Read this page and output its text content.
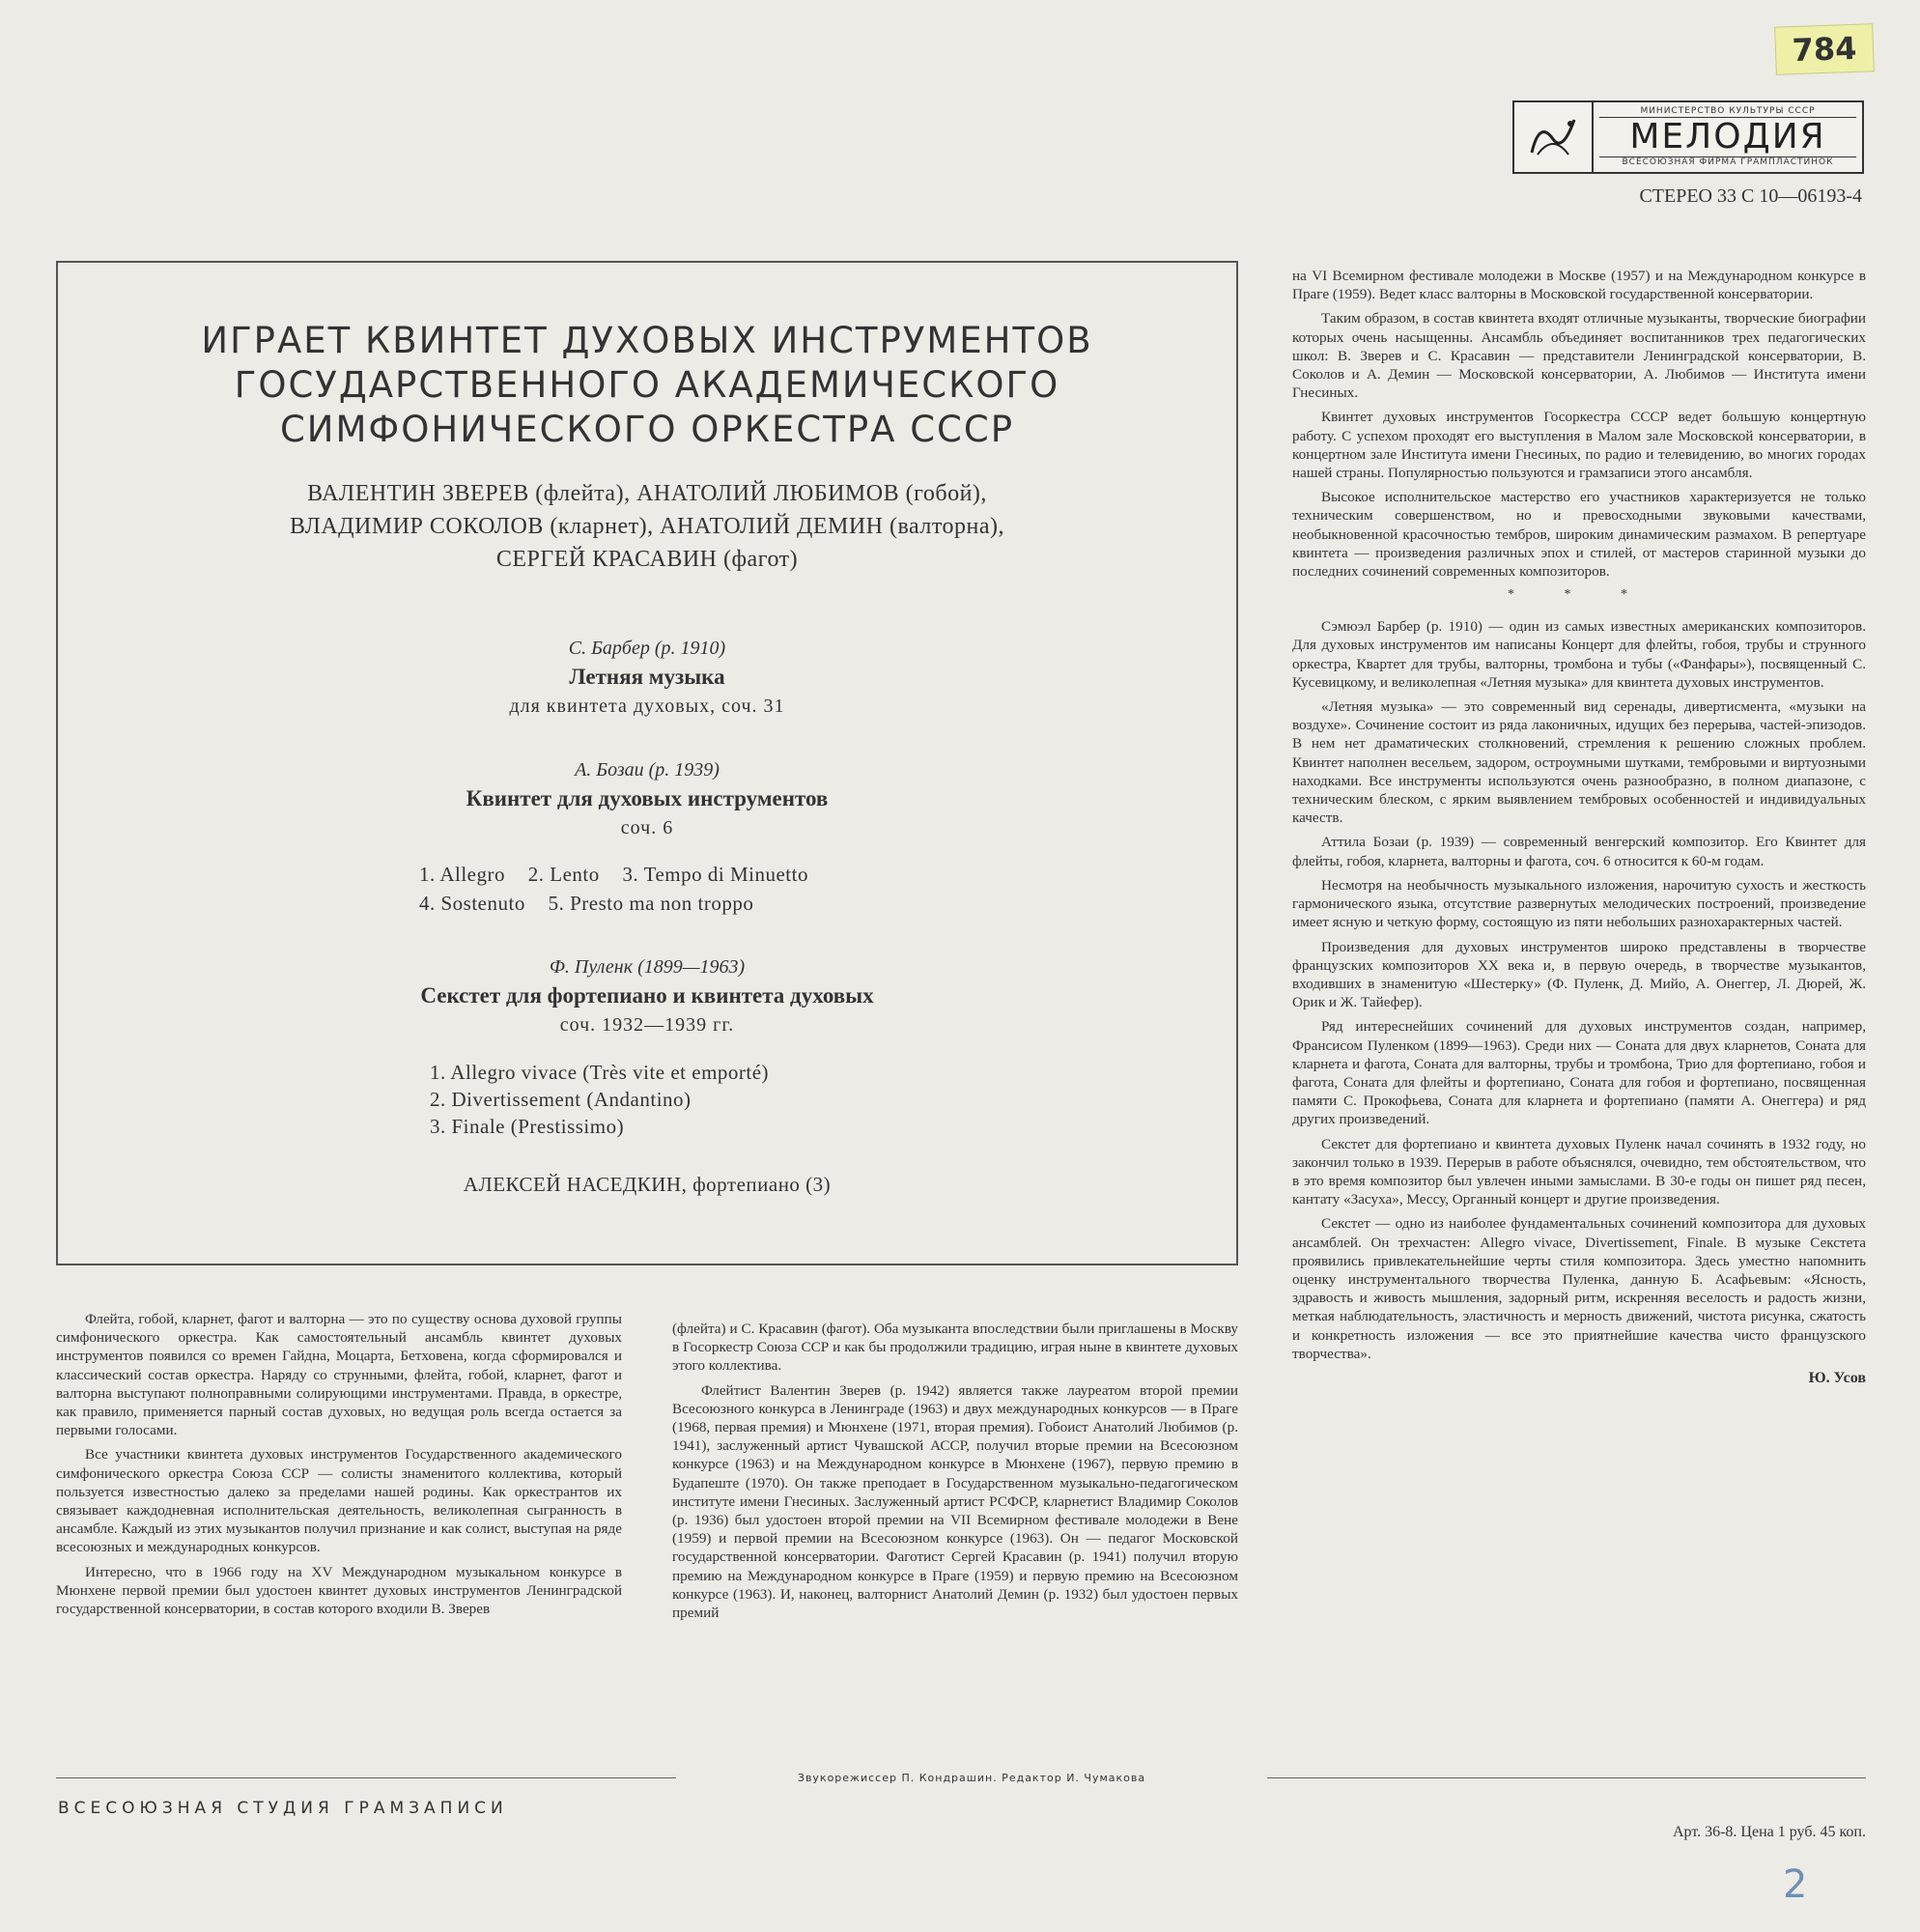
784
МИНИСТЕРСТВО КУЛЬТУРЫ СССР
МЕЛОДИЯ
ВСЕСОЮЗНАЯ ФИРМА ГРАМПЛАСТИНОК
СТЕРЕО 33 С 10—06193-4
ИГРАЕТ КВИНТЕТ ДУХОВЫХ ИНСТРУМЕНТОВ
ГОСУДАРСТВЕННОГО АКАДЕМИЧЕСКОГО
СИМФОНИЧЕСКОГО ОРКЕСТРА СССР
ВАЛЕНТИН ЗВЕРЕВ (флейта), АНАТОЛИЙ ЛЮБИМОВ (гобой),
ВЛАДИМИР СОКОЛОВ (кларнет), АНАТОЛИЙ ДЕМИН (валторна),
СЕРГЕЙ КРАСАВИН (фагот)
С. Барбер (р. 1910)
Летняя музыка
для квинтета духовых, соч. 31
А. Бозаи (р. 1939)
Квинтет для духовых инструментов
соч. 6
1. Allegro 2. Lento 3. Tempo di Minuetto
4. Sostenuto 5. Presto ma non troppo
Ф. Пуленк (1899—1963)
Секстет для фортепиано и квинтета духовых
соч. 1932—1939 гг.
1. Allegro vivace (Très vite et emporté)
2. Divertissement (Andantino)
3. Finale (Prestissimo)
АЛЕКСЕЙ НАСЕДКИН, фортепиано (3)

Флейта, гобой, кларнет, фагот и валторна — это по существу основа духовой группы симфонического оркестра. Как самостоятельный ансамбль квинтет духовых инструментов появился со времен Гайдна, Моцарта, Бетховена, когда сформировался и классический состав оркестра. Наряду со струнными, флейта, гобой, кларнет, фагот и валторна выступают полноправными солирующими инструментами. Правда, в оркестре, как правило, применяется парный состав духовых, но ведущая роль всегда остается за первыми голосами.

Все участники квинтета духовых инструментов Государственного академического симфонического оркестра Союза ССР — солисты знаменитого коллектива, который пользуется известностью далеко за пределами нашей родины. Как оркестрантов их связывает каждодневная исполнительская деятельность, великолепная сыгранность в ансамбле. Каждый из этих музыкантов получил признание и как солист, выступая на ряде всесоюзных и международных конкурсов.

Интересно, что в 1966 году на XV Международном музыкальном конкурсе в Мюнхене первой премии был удостоен квинтет духовых инструментов Ленинградской государственной консерватории, в состав которого входили В. Зверев

(флейта) и С. Красавин (фагот). Оба музыканта впоследствии были приглашены в Москву в Госоркестр Союза ССР и как бы продолжили традицию, играя ныне в квинтете духовых этого коллектива.

Флейтист Валентин Зверев (р. 1942) является также лауреатом второй премии Всесоюзного конкурса в Ленинграде (1963) и двух международных конкурсов — в Праге (1968, первая премия) и Мюнхене (1971, вторая премия). Гобоист Анатолий Любимов (р. 1941), заслуженный артист Чувашской АССР, получил вторые премии на Всесоюзном конкурсе (1963) и на Международном конкурсе в Мюнхене (1967), первую премию в Будапеште (1970). Он также преподает в Государственном музыкально-педагогическом институте имени Гнесиных. Заслуженный артист РСФСР, кларнетист Владимир Соколов (р. 1936) был удостоен второй премии на VII Всемирном фестивале молодежи в Вене (1959) и первой премии на Всесоюзном конкурсе (1963). Он — педагог Московской государственной консерватории. Фаготист Сергей Красавин (р. 1941) получил вторую премию на Международном конкурсе в Праге (1959) и первую премию на Всесоюзном конкурсе (1963). И, наконец, валторнист Анатолий Демин (р. 1932) был удостоен первых премий

на VI Всемирном фестивале молодежи в Москве (1957) и на Международном конкурсе в Праге (1959). Ведет класс валторны в Московской государственной консерватории.

Таким образом, в состав квинтета входят отличные музыканты, творческие биографии которых очень насыщенны. Ансамбль объединяет воспитанников трех педагогических школ: В. Зверев и С. Красавин — представители Ленинградской консерватории, В. Соколов и А. Демин — Московской консерватории, А. Любимов — Института имени Гнесиных.

Квинтет духовых инструментов Госоркестра СССР ведет большую концертную работу. С успехом проходят его выступления в Малом зале Московской консерватории, в концертном зале Института имени Гнесиных, по радио и телевидению, во многих городах нашей страны. Популярностью пользуются и грамзаписи этого ансамбля.

Высокое исполнительское мастерство его участников характеризуется не только техническим совершенством, но и превосходными звуковыми качествами, необыкновенной красочностью тембров, широким динамическим размахом. В репертуаре квинтета — произведения различных эпох и стилей, от мастеров старинной музыки до последних сочинений современных композиторов.

* * *

Сэмюэл Барбер (р. 1910) — один из самых известных американских композиторов. Для духовых инструментов им написаны Концерт для флейты, гобоя, трубы и струнного оркестра, Квартет для трубы, валторны, тромбона и тубы («Фанфары»), посвященный С. Кусевицкому, и великолепная «Летняя музыка» для квинтета духовых инструментов.

«Летняя музыка» — это современный вид серенады, дивертисмента, «музыки на воздухе». Сочинение состоит из ряда лаконичных, идущих без перерыва, частей-эпизодов. В нем нет драматических столкновений, стремления к решению сложных проблем. Квинтет наполнен весельем, задором, остроумными шутками, тембровыми и виртуозными находками. Все инструменты используются очень разнообразно, в полном диапазоне, с техническим блеском, с ярким выявлением тембровых особенностей и индивидуальных качеств.

Аттила Бозаи (р. 1939) — современный венгерский композитор. Его Квинтет для флейты, гобоя, кларнета, валторны и фагота, соч. 6 относится к 60-м годам.

Несмотря на необычность музыкального изложения, нарочитую сухость и жесткость гармонического языка, отсутствие развернутых мелодических построений, произведение имеет ясную и четкую форму, состоящую из пяти небольших разнохарактерных частей.

Произведения для духовых инструментов широко представлены в творчестве французских композиторов XX века и, в первую очередь, в творчестве музыкантов, входивших в знаменитую «Шестерку» (Ф. Пуленк, Д. Мийо, А. Онеггер, Л. Дюрей, Ж. Орик и Ж. Тайефер).

Ряд интереснейших сочинений для духовых инструментов создан, например, Франсисом Пуленком (1899—1963). Среди них — Соната для двух кларнетов, Соната для кларнета и фагота, Соната для валторны, трубы и тромбона, Трио для фортепиано, гобоя и фагота, Соната для флейты и фортепиано, Соната для гобоя и фортепиано, посвященная памяти С. Прокофьева, Соната для кларнета и фортепиано (памяти А. Онеггера) и ряд других произведений.

Секстет для фортепиано и квинтета духовых Пуленк начал сочинять в 1932 году, но закончил только в 1939. Перерыв в работе объяснялся, очевидно, тем обстоятельством, что в это время композитор был увлечен иными замыслами. В 30-е годы он пишет ряд песен, кантату «Засуха», Мессу, Органный концерт и другие произведения.

Секстет — одно из наиболее фундаментальных сочинений композитора для духовых ансамблей. Он трехчастен: Allegro vivace, Divertissement, Finale. В музыке Секстета проявились привлекательнейшие черты стиля композитора. Здесь уместно напомнить оценку инструментального творчества Пуленка, данную Б. Асафьевым: «Ясность, здравость и живость мышления, задорный ритм, искренняя веселость и радость жизни, меткая наблюдательность, эластичность и мерность движений, чистота рисунка, сжатость и конкретность изложения — все это приятнейшие качества чисто французского творчества».

Ю. Усов
Звукорежиссер П. Кондрашин. Редактор И. Чумакова
ВСЕСОЮЗНАЯ СТУДИЯ ГРАМЗАПИСИ
Арт. 36-8. Цена 1 руб. 45 коп.
2
